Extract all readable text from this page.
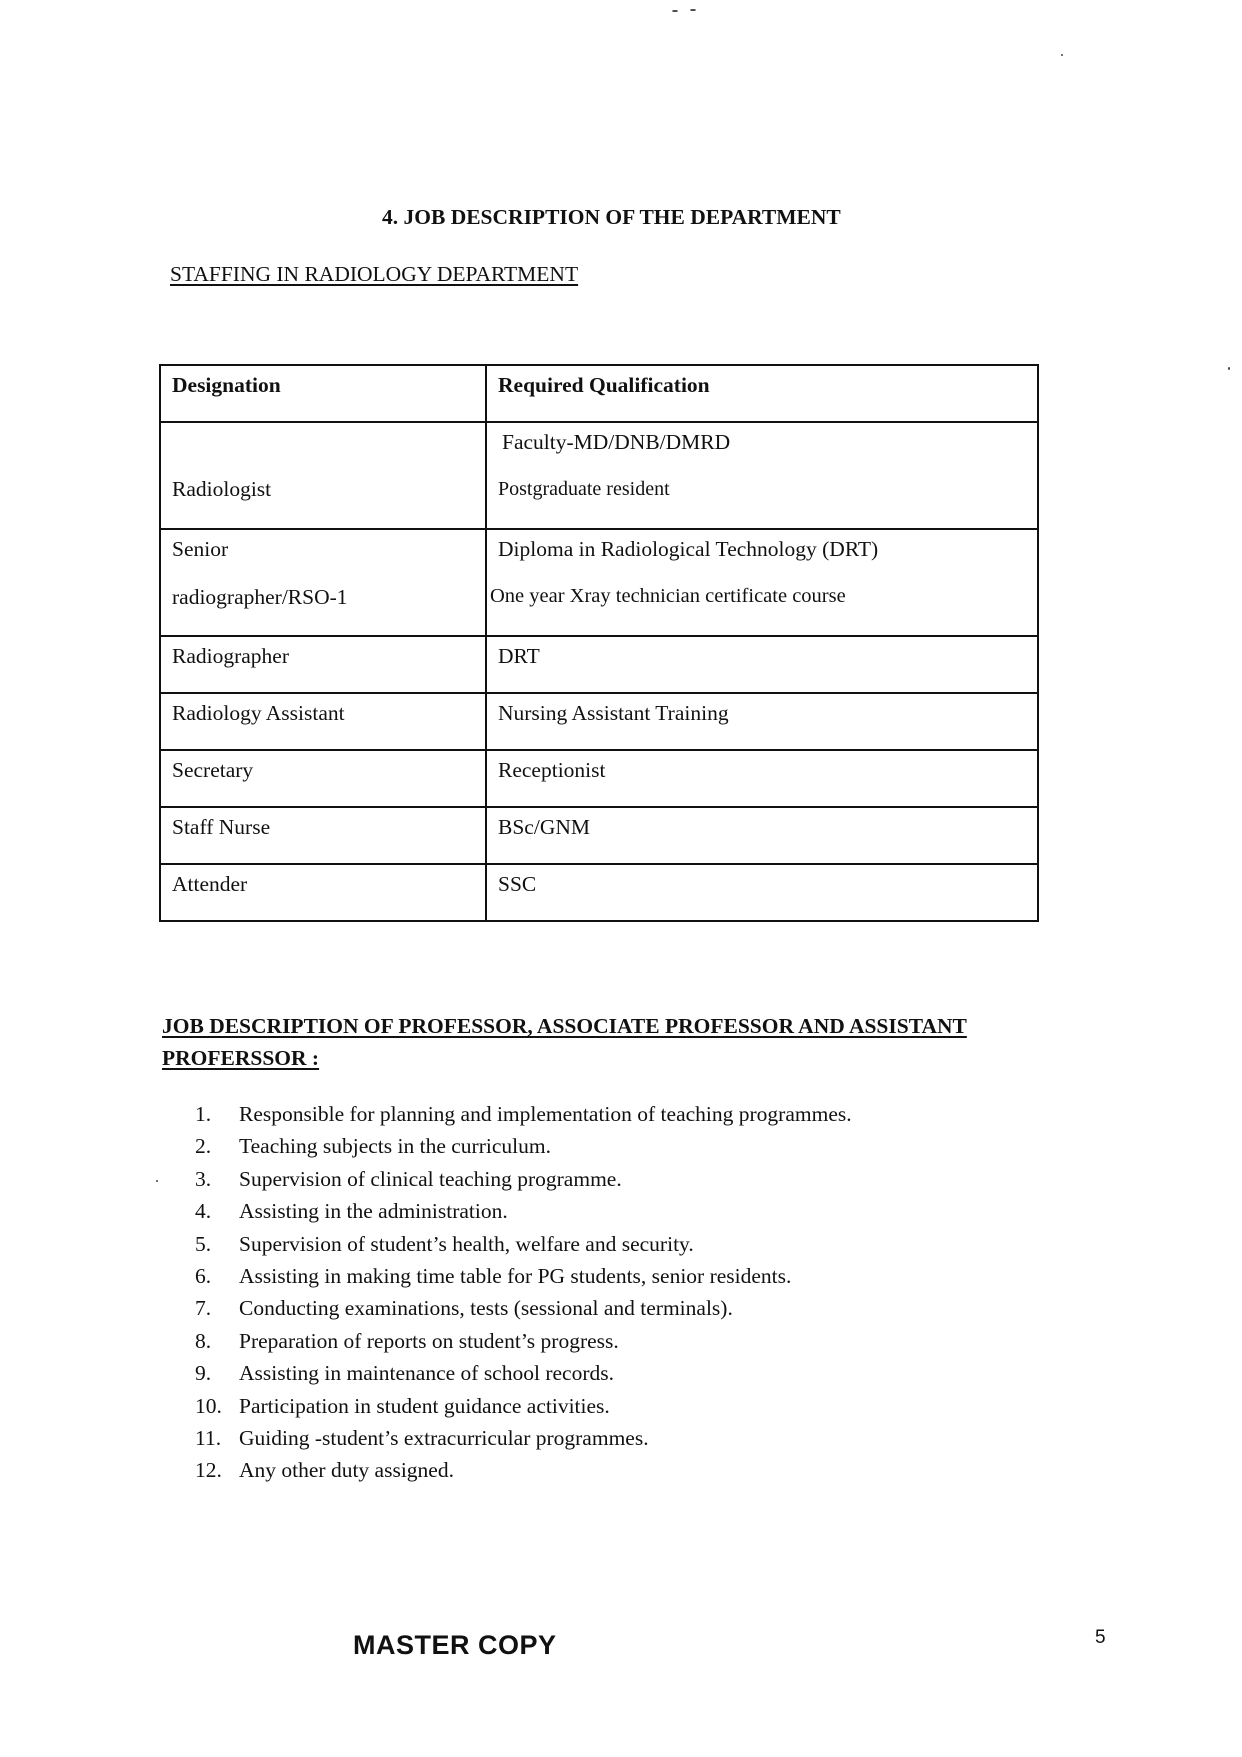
4. JOB DESCRIPTION OF THE DEPARTMENT
STAFFING IN RADIOLOGY DEPARTMENT
Designation	Required Qualification

Radiologist	Faculty-MD/DNB/DMRD
Postgraduate resident

Senior
radiographer/RSO-1	Diploma in Radiological Technology (DRT)
One year Xray technician certificate course

Radiographer	DRT
Radiology Assistant	Nursing Assistant Training
Secretary	Receptionist
Staff Nurse	BSc/GNM
Attender	SSC
JOB DESCRIPTION OF PROFESSOR, ASSOCIATE PROFESSOR AND ASSISTANT PROFERSSOR :
1. Responsible for planning and implementation of teaching programmes.
2. Teaching subjects in the curriculum.
3. Supervision of clinical teaching programme.
4. Assisting in the administration.
5. Supervision of student’s health, welfare and security.
6. Assisting in making time table for PG students, senior residents.
7. Conducting examinations, tests (sessional and terminals).
8. Preparation of reports on student’s progress.
9. Assisting in maintenance of school records.
10. Participation in student guidance activities.
11. Guiding -student’s extracurricular programmes.
12. Any other duty assigned.
MASTER COPY	5
